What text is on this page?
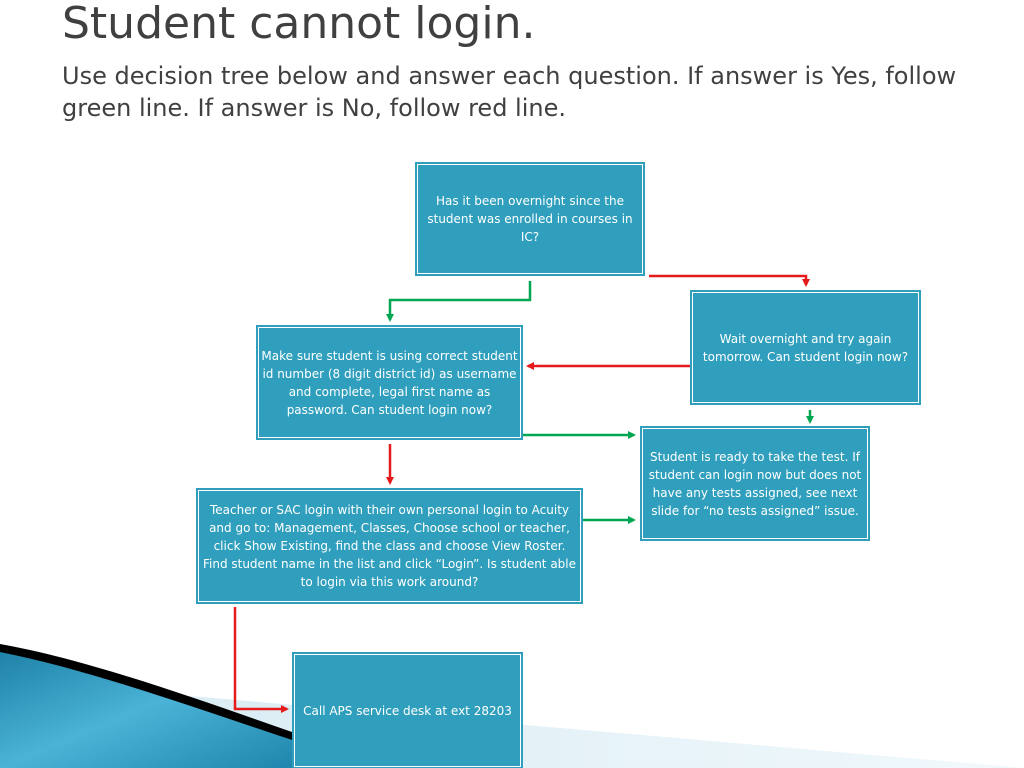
Student cannot login.

Use decision tree below and answer each question. If answer is Yes, follow green line. If answer is No, follow red line.

Has it been overnight since the student was enrolled in courses in IC?
Wait overnight and try again tomorrow. Can student login now?
Make sure student is using correct student id number (8 digit district id) as username and complete, legal first name as password. Can student login now?
Student is ready to take the test. If student can login now but does not have any tests assigned, see next slide for “no tests assigned” issue.
Teacher or SAC login with their own personal login to Acuity and go to: Management, Classes, Choose school or teacher, click Show Existing, find the class and choose View Roster. Find student name in the list and click “Login”. Is student able to login via this work around?
Call APS service desk at ext 28203
